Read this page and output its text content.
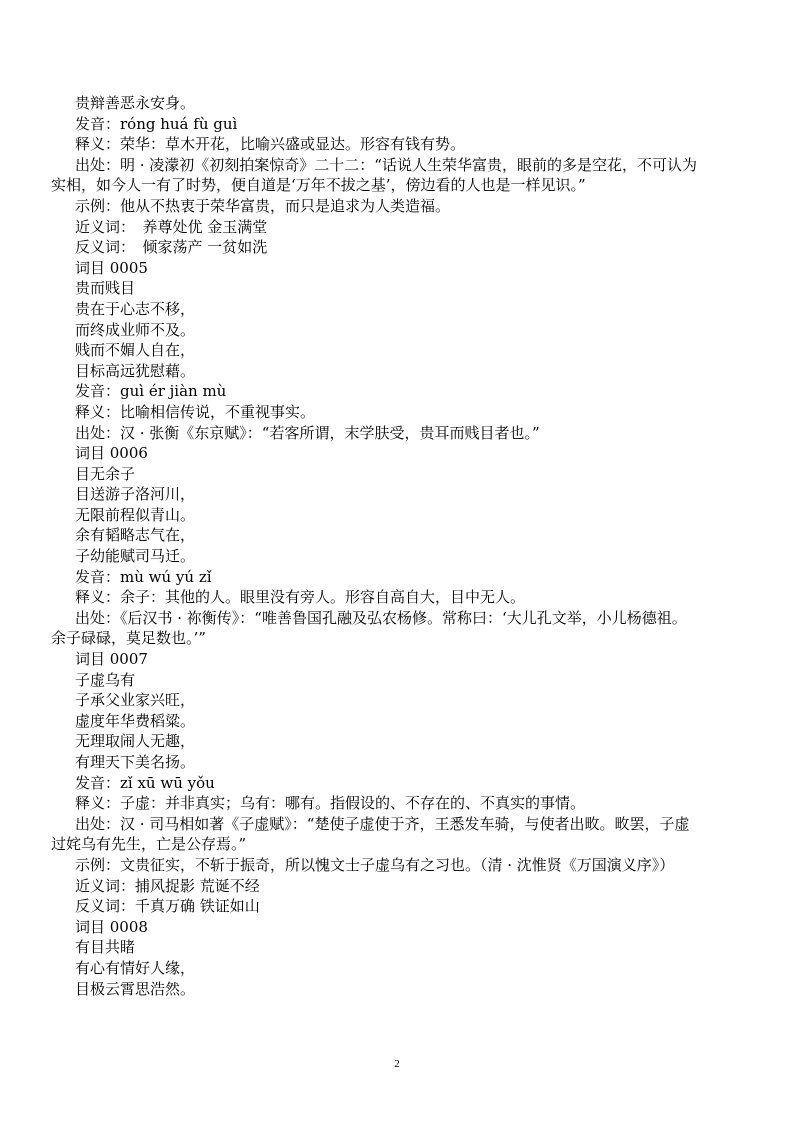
贵辩善恶永安身。

发音：róng huá fù guì

释义：荣华：草木开花，比喻兴盛或显达。形容有钱有势。

出处：明 · 凌濛初《初刻拍案惊奇》二十二：“话说人生荣华富贵，眼前的多是空花，不可认为

实相，如今人一有了时势，便自道是‘万年不拔之基’，傍边看的人也是一样见识。”

示例：他从不热衷于荣华富贵，而只是追求为人类造福。

近义词：　养尊处优 金玉满堂

反义词：　倾家荡产 一贫如洗

词目 0005

贵而贱目

贵在于心志不移，

而终成业师不及。

贱而不媚人自在，

目标高远犹慰藉。

发音：guì ér jiàn mù

释义：比喻相信传说，不重视事实。

出处：汉 · 张衡《东京赋》：“若客所谓，末学肤受，贵耳而贱目者也。”

词目 0006

目无余子

目送游子洛河川，

无限前程似青山。

余有韬略志气在，

子幼能赋司马迁。

发音：mù wú yú zǐ

释义：余子：其他的人。眼里没有旁人。形容自高自大，目中无人。

出处：《后汉书 · 祢衡传》：“唯善鲁国孔融及弘农杨修。常称曰：‘大儿孔文举，小儿杨德祖。

余子碌碌，莫足数也。’”

词目 0007

子虚乌有

子承父业家兴旺，

虚度年华费稻粱。

无理取闹人无趣，

有理天下美名扬。

发音：zǐ xū wū yǒu

释义：子虚：并非真实；乌有：哪有。指假设的、不存在的、不真实的事情。

出处：汉 · 司马相如著《子虚赋》：“楚使子虚使于齐，王悉发车骑，与使者出畋。畋罢，子虚

过姹乌有先生，亡是公存焉。”

示例：文贵征实，不斩于振奇，所以愧文士子虚乌有之习也。（清 · 沈惟贤《万国演义序》）

近义词：捕风捉影 荒诞不经

反义词：千真万确 铁证如山

词目 0008

有目共睹

有心有情好人缘，

目极云霄思浩然。

2
